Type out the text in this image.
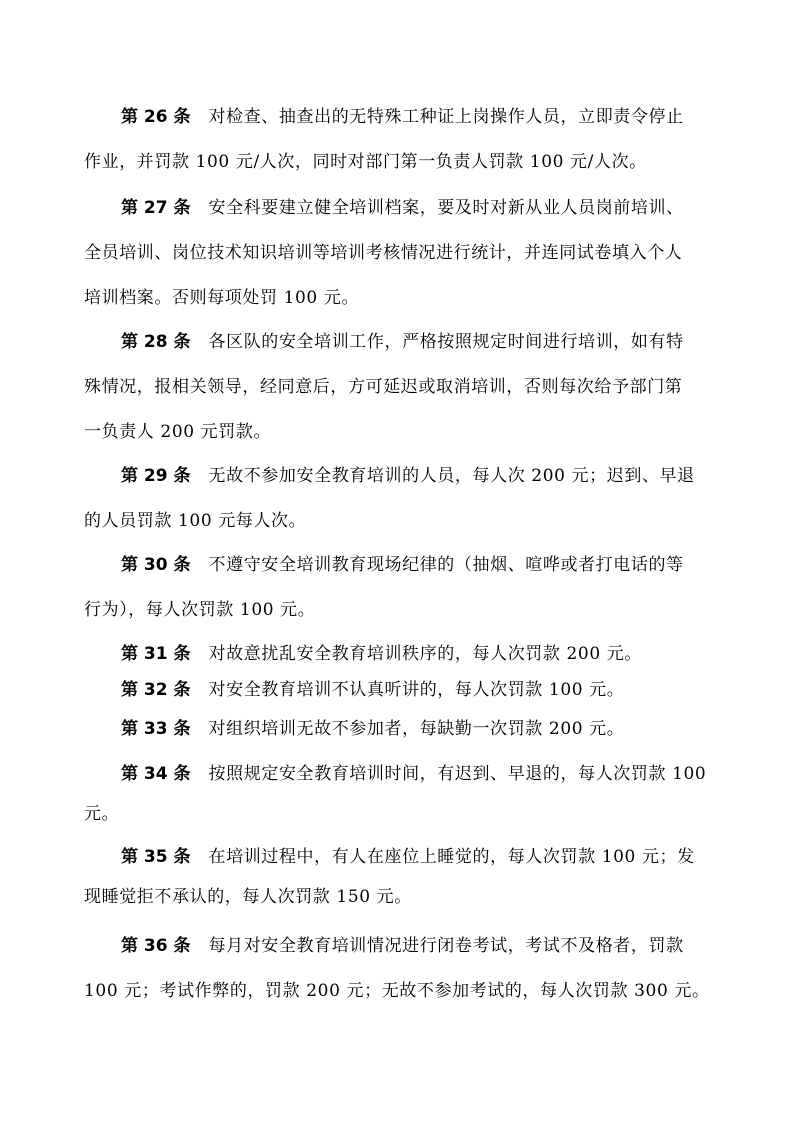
第 26 条 对检查、抽查出的无特殊工种证上岗操作人员，立即责令停止
作业，并罚款 100 元/人次，同时对部门第一负责人罚款 100 元/人次。
第 27 条 安全科要建立健全培训档案，要及时对新从业人员岗前培训、
全员培训、岗位技术知识培训等培训考核情况进行统计，并连同试卷填入个人
培训档案。否则每项处罚 100 元。
第 28 条 各区队的安全培训工作，严格按照规定时间进行培训，如有特
殊情况，报相关领导，经同意后，方可延迟或取消培训，否则每次给予部门第
一负责人 200 元罚款。
第 29 条 无故不参加安全教育培训的人员，每人次 200 元；迟到、早退
的人员罚款 100 元每人次。
第 30 条 不遵守安全培训教育现场纪律的（抽烟、喧哗或者打电话的等
行为），每人次罚款 100 元。
第 31 条 对故意扰乱安全教育培训秩序的，每人次罚款 200 元。
第 32 条 对安全教育培训不认真听讲的，每人次罚款 100 元。
第 33 条 对组织培训无故不参加者，每缺勤一次罚款 200 元。
第 34 条 按照规定安全教育培训时间，有迟到、早退的，每人次罚款 100
元。
第 35 条 在培训过程中，有人在座位上睡觉的，每人次罚款 100 元；发
现睡觉拒不承认的，每人次罚款 150 元。
第 36 条 每月对安全教育培训情况进行闭卷考试，考试不及格者，罚款
100 元；考试作弊的，罚款 200 元；无故不参加考试的，每人次罚款 300 元。
